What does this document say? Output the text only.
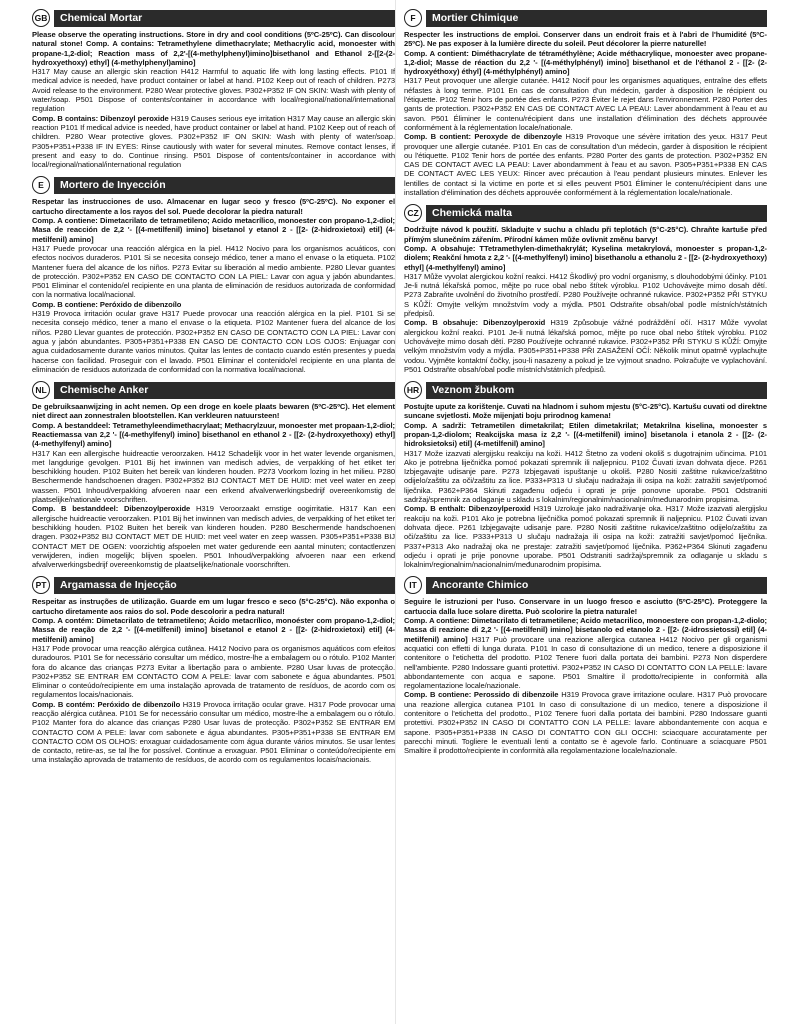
GB	Chemical Mortar

Please observe the operating instructions. Store in dry and cool conditions (5ºC-25ºC). Can discolour natural stone! Comp. A contains: Tetramethylene dimethacrylate; Methacrylic acid, monoester with propane-1,2-diol; Reaction mass of 2,2'-[(4-methylphenyl)imino]bisethanol and Ethanol 2-[[2-(2-hydroxyethoxy) ethyl] (4-methylphenyl)amino]

H317 May cause an allergic skin reaction H412 Harmful to aquatic life with long lasting effects. P101 If medical advice is needed, have product container or label at hand. P102 Keep out of reach of children. P273 Avoid release to the environment. P280 Wear protective gloves. P302+P352 IF ON SKIN: Wash with plenty of water/soap. P501 Dispose of contents/container in accordance with local/regional/national/international regulation

Comp. B contains: Dibenzoyl peroxide H319 Causes serious eye irritation H317 May cause an allergic skin reaction P101 If medical advice is needed, have product container or label at hand. P102 Keep out of reach of children. P280 Wear protective gloves. P302+P352 IF ON SKIN: Wash with plenty of water/soap. P305+P351+P338 IF IN EYES: Rinse cautiously with water for several minutes. Remove contact lenses, if present and easy to do. Continue rinsing. P501 Dispose of contents/container in accordance with local/regional/national/international regulation

E	Mortero de Inyección

Respetar las instrucciones de uso. Almacenar en lugar seco y fresco (5ºC-25ºC). No exponer el cartucho directamente a los rayos del sol. Puede decolorar la piedra natural!

Comp. A contiene: Dimetacrilato de tetrametileno; Acido metacrílico, monoester con propano-1,2-diol; Masa de reacción de 2,2 '- [(4-metilfenil) imino] bisetanol y etanol 2 - [[2- (2-hidroxietoxi) etil] (4-metilfenil) amino]

H317 Puede provocar una reacción alérgica en la piel. H412 Nocivo para los organismos acuáticos, con efectos nocivos duraderos. P101 Si se necesita consejo médico, tener a mano el envase o la etiqueta. P102 Mantener fuera del alcance de los niños. P273 Evitar su liberación al medio ambiente. P280 Llevar guantes de protección. P302+P352 EN CASO DE CONTACTO CON LA PIEL: Lavar con agua y jabón abundantes. P501 Eliminar el contenido/el recipiente en una planta de eliminación de residuos autorizada de conformidad con la normativa local/nacional.

Comp. B contiene: Peróxido de dibenzoílo

H319 Provoca irritación ocular grave H317 Puede provocar una reacción alérgica en la piel. P101 Si se necesita consejo médico, tener a mano el envase o la etiqueta. P102 Mantener fuera del alcance de los niños. P280 Llevar guantes de protección. P302+P352 EN CASO DE CONTACTO CON LA PIEL: Lavar con agua y jabón abundantes. P305+P351+P338 EN CASO DE CONTACTO CON LOS OJOS: Enjuagar con agua cuidadosamente durante varios minutos. Quitar las lentes de contacto cuando estén presentes y pueda hacerse con facilidad. Proseguir con el lavado. P501 Eliminar el contenido/el recipiente en una planta de eliminación de residuos autorizada de conformidad con la normativa local/nacional.

NL	Chemische Anker

De gebruiksaanwijzing in acht nemen. Op een droge en koele plaats bewaren (5ºC-25ºC). Het element niet direct aan zonnestralen blootstellen. Kan verkleuren natuursteen!

Comp. A bestanddeel: Tetramethyleendimethacrylaat; Methacrylzuur, monoester met propaan-1,2-diol; Reactiemassa van 2,2 '- [(4-methylfenyl) imino] bisethanol en ethanol 2 - [[2- (2-hydroxyethoxy) ethyl] (4-methylfenyl) amino]

H317 Kan een allergische huidreactie veroorzaken. H412 Schadelijk voor in het water levende organismen, met langdurige gevolgen. P101 Bij het inwinnen van medisch advies, de verpakking of het etiket ter beschikking houden. P102 Buiten het bereik van kinderen houden. P273 Voorkom lozing in het milieu. P280 Beschermende handschoenen dragen. P302+P352 BIJ CONTACT MET DE HUID: met veel water en zeep wassen. P501 Inhoud/verpakking afvoeren naar een erkend afvalverwerkingsbedrijf overeenkomstig de plaatselijke/nationale voorschriften.

Comp. B bestanddeel: Dibenzoylperoxide H319 Veroorzaakt ernstige oogirritatie. H317 Kan een allergische huidreactie veroorzaken. P101 Bij het inwinnen van medisch advies, de verpakking of het etiket ter beschikking houden. P102 Buiten het bereik van kinderen houden. P280 Beschermende handschoenen dragen. P302+P352 BIJ CONTACT MET DE HUID: met veel water en zeep wassen. P305+P351+P338 BIJ CONTACT MET DE OGEN: voorzichtig afspoelen met water gedurende een aantal minuten; contactlenzen verwijderen, indien mogelijk; blijven spoelen. P501 Inhoud/verpakking afvoeren naar een erkend afvalverwerkingsbedrijf overeenkomstig de plaatselijke/nationale voorschriften.

PT	Argamassa de Injecção

Respeitar as instruções de utilização. Guarde em um lugar fresco e seco (5°C-25°C). Não exponha o cartucho diretamente aos raios do sol. Pode descolorir a pedra natural!

Comp. A contém: Dimetacrilato de tetrametileno; Ácido metacrílico, monoéster com propano-1,2-diol; Massa de reação de 2,2 '- [(4-metilfenil) imino] bisetanol e etanol 2 - [[2- (2-hidroxietoxi) etil] (4-metilfenil) amino]

H317 Pode provocar uma reacção alérgica cutânea. H412 Nocivo para os organismos aquáticos com efeitos duradouros. P101 Se for necessário consultar um médico, mostre-lhe a embalagem ou o rótulo. P102 Manter fora do alcance das crianças P273 Evitar a libertação para o ambiente. P280 Usar luvas de protecção. P302+P352 SE ENTRAR EM CONTACTO COM A PELE: lavar com sabonete e água abundantes. P501 Eliminar o conteúdo/recipiente em uma instalação aprovada de tratamento de resíduos, de acordo com os regulamentos locais/nacionais.

Comp. B contém: Peróxido de dibenzoílo H319 Provoca irritação ocular grave. H317 Pode provocar uma reacção alérgica cutânea. P101 Se for necessário consultar um médico, mostre-lhe a embalagem ou o rótulo. P102 Manter fora do alcance das crianças P280 Usar luvas de protecção. P302+P352 SE ENTRAR EM CONTACTO COM A PELE: lavar com sabonete e água abundantes. P305+P351+P338 SE ENTRAR EM CONTACTO COM OS OLHOS: enxaguar cuidadosamente com água durante vários minutos. Se usar lentes de contacto, retire-as, se tal lhe for possível. Continue a enxaguar. P501 Eliminar o conteúdo/recipiente em uma instalação aprovada de tratamento de resíduos, de acordo com os regulamentos locais/nacionais.

F	Mortier Chimique

Respecter les instructions de emploi. Conserver dans un endroit frais et à l'abri de l'humidité (5ºC-25ºC). Ne pas exposer à la lumière directe du soleil. Peut décolorer la pierre naturelle!

Comp. A contient: Diméthacrylate de tétraméthylène; Acide méthacrylique, monoester avec propane-1,2-diol; Masse de réaction du 2,2 '- [(4-méthylphényl) imino] bisethanol et de l'éthanol 2 - [[2- (2-hydroxyéthoxy) éthyl] (4-méthylphényl) amino]

H317 Peut provoquer une allergie cutanée. H412 Nocif pour les organismes aquatiques, entraîne des effets néfastes à long terme. P101 En cas de consultation d'un médecin, garder à disposition le récipient ou l'étiquette. P102 Tenir hors de portée des enfants. P273 Éviter le rejet dans l'environnement. P280 Porter des gants de protection. P302+P352 EN CAS DE CONTACT AVEC LA PEAU: Laver abondamment à l'eau et au savon. P501 Éliminer le contenu/récipient dans une installation d'élimination des déchets approuvée conformément à la réglementation locale/nationale.

Comp. B contient: Peroxyde de dibenzoyle H319 Provoque une sévère irritation des yeux. H317 Peut provoquer une allergie cutanée. P101 En cas de consultation d'un médecin, garder à disposition le récipient ou l'étiquette. P102 Tenir hors de portée des enfants. P280 Porter des gants de protection. P302+P352 EN CAS DE CONTACT AVEC LA PEAU: Laver abondamment à l'eau et au savon. P305+P351+P338 EN CAS DE CONTACT AVEC LES YEUX: Rincer avec précaution à l'eau pendant plusieurs minutes. Enlever les lentilles de contact si la victime en porte et si elles peuvent P501 Éliminer le contenu/récipient dans une installation d'élimination des déchets approuvée conformément à la réglementation locale/nationale.

CZ	Chemická malta

Dodržujte návod k použití. Skladujte v suchu a chladu při teplotách (5°C-25°C). Chraňte kartuše před přímým slunečním zářením. Přírodní kámen může ovlivnit změnu barvy!

Comp. A obsahuje: TTetramethylen-dimethakrylát; Kyselina metakrylová, monoester s propan-1,2-diolem; Reakční hmota z 2,2 '- [(4-methylfenyl) imino] bisethanolu a ethanolu 2 - [[2- (2-hydroxyethoxy) ethyl] (4-methylfenyl) amino]

H317 Může vyvolat alergickou kožní reakci. H412 Škodlivý pro vodní organismy, s dlouhodobými účinky. P101 Je-li nutná lékařská pomoc, mějte po ruce obal nebo štítek výrobku. P102 Uchovávejte mimo dosah dětí. P273 Zabraňte uvolnění do životního prostředí. P280 Používejte ochranné rukavice. P302+P352 PŘI STYKU S KŮŽÍ: Omyjte velkým množstvím vody a mýdla. P501 Odstraňte obsah/obal podle místních/státních předpisů.

Comp. B obsahuje: Dibenzoylperoxid H319 Způsobuje vážné podráždění očí. H317 Může vyvolat alergickou kožní reakci. P101 Je-li nutná lékařská pomoc, mějte po ruce obal nebo štítek výrobku. P102 Uchovávejte mimo dosah dětí. P280 Používejte ochranné rukavice. P302+P352 PŘI STYKU S KŮŽÍ: Omyjte velkým množstvím vody a mýdla. P305+P351+P338 PŘI ZASAŽENÍ OČÍ: Několik minut opatrně vyplachujte vodou. Vyjměte kontaktní čočky, jsou-li nasazeny a pokud je lze vyjmout snadno. Pokračujte ve vyplachování. P501 Odstraňte obsah/obal podle místních/státních předpisů.

HR	Veznom žbukom

Postujte upute za korištenje. Cuvati na hladnom i suhom mjestu (5°C-25°C). Kartušu cuvati od direktne suncane svjetlosti. Može mijenjati boju prirodnog kamena!

Comp. A sadrži: Tetrametilen dimetakrilat; Etilen dimetakrilat; Metakrilna kiselina, monoester s propan-1,2-diolom; Reakcijska masa iz 2,2 '- [(4-metilfenil) imino] bisetanola i etanola 2 - [[2- (2-hidroksietoksi) etil] (4-metilfenil) amino]

H317 Može izazvati alergijsku reakciju na koži. H412 Štetno za vodeni okoliš s dugotrajnim učincima. P101 Ako je potrebna liječnička pomoć pokazati spremnik ili naljepnicu. P102 Čuvati izvan dohvata djece. P261 Izbjegavajte udisanje pare. P273 Izbjegavati ispuštanje u okoliš. P280 Nositi zaštitne rukavice/zaštitno odijelo/zaštitu za oči/zaštitu za lice. P333+P313 U slučaju nadražaja ili osipa na koži: zatražiti savjet/pomoć liječnika. P362+P364 Skinuti zagađenu odjeću i oprati je prije ponovne uporabe. P501 Odstraniti sadržaj/spremnik za odlaganje u skladu s lokalnim/regionalnim/nacionalnim/međunarodnim propisima.

Comp. B enthalt: Dibenzoylperoxid H319 Uzrokuje jako nadraživanje oka. H317 Može izazvati alergijsku reakciju na koži. P101 Ako je potrebna liječnička pomoć pokazati spremnik ili naljepnicu. P102 Čuvati izvan dohvata djece. P261 Izbjegavajte udisanje pare. P280 Nositi zaštitne rukavice/zaštitno odijelo/zaštitu za oči/zaštitu za lice. P333+P313 U slučaju nadražaja ili osipa na koži: zatražiti savjet/pomoć liječnika. P337+P313 Ako nadražaj oka ne prestaje: zatražiti savjet/pomoć liječnika. P362+P364 Skinuti zagađenu odjeću i oprati je prije ponovne uporabe. P501 Odstraniti sadržaj/spremnik za odlaganje u skladu s lokalnim/regionalnim/nacionalnim/međunarodnim propisima.

IT	Ancorante Chimico

Seguire le istruzioni per l'uso. Conservare in un luogo fresco e asciutto (5ºC-25ºC). Proteggere la cartuccia dalla luce solare diretta. Può scolorire la pietra naturale!

Comp. A contiene: Dimetacrilato di tetrametilene; Acido metacrilico, monoestere con propan-1,2-diolo; Massa di reazione di 2,2 '- [(4-metilfenil) imino] bisetanolo ed etanolo 2 - [[2- (2-idrossietossi) etil] (4-metilfenil) amino] H317 Può provocare una reazione allergica cutanea H412 Nocivo per gli organismi acquatici con effetti di lunga durata. P101 In caso di consultazione di un medico, tenere a disposizione il contenitore o l'etichetta del prodotto. P102 Tenere fuori dalla portata dei bambini. P273 Non disperdere nell'ambiente. P280 Indossare guanti protettivi. P302+P352 IN CASO DI CONTATTO CON LA PELLE: lavare abbondantemente con acqua e sapone. P501 Smaltire il prodotto/recipiente in conformità alla regolamentazione locale/nazionale.

Comp. B contiene: Perossido di dibenzoile H319 Provoca grave irritazione oculare. H317 Può provocare una reazione allergica cutanea P101 In caso di consultazione di un medico, tenere a disposizione il contenitore o l'etichetta del prodotto., P102 Tenere fuori dalla portata dei bambini. P280 Indossare guanti protettivi. P302+P352 IN CASO DI CONTATTO CON LA PELLE: lavare abbondantemente con acqua e sapone. P305+P351+P338 IN CASO DI CONTATTO CON GLI OCCHI: sciacquare accuratamente per parecchi minuti. Togliere le eventuali lenti a contatto se è agevole farlo. Continuare a sciacquare P501 Smaltire il prodotto/recipiente in conformità alla regolamentazione locale/nazionale.
